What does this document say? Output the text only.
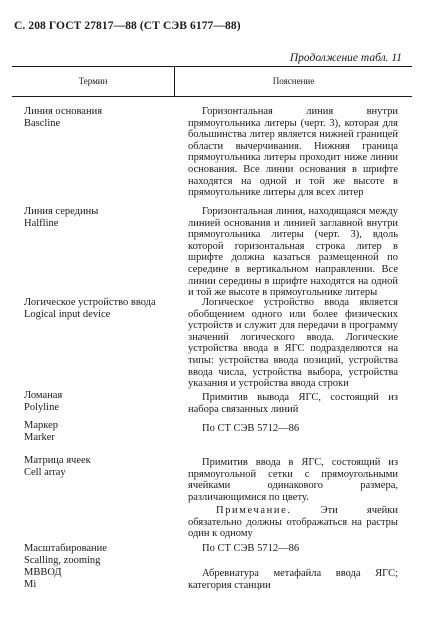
С. 208 ГОСТ 27817—88 (СТ СЭВ 6177—88)
Продолжение табл. 11
Термин	Пояснение
Линия основания
Basсline

Горизонтальная линия внутри прямоугольника литеры (черт. 3), которая для большинства литер является нижней границей области вычерчивания. Нижняя граница прямоугольника литеры проходит ниже линии основания. Все линии основания в шрифте находятся на одной и той же высоте в прямоугольнике литеры для всех литер

Линия середины
Halfline

Горизонтальная линия, находящаяся между линией основания и линией заглавной внутри прямоугольника литеры (черт. 3), вдоль которой горизонтальная строка литер в шрифте должна казаться размещенной по середине в вертикальном направлении. Все линии середины в шрифте находятся на одной и той же высоте в прямоугольнике литеры

Логическое устройство ввода
Logical input device

Логическое устройство ввода является обобщением одного или более физических устройств и служит для передачи в программу значений логического ввода. Логические устройства ввода в ЯГС подразделяются на типы: устройства ввода позиций, устройства ввода числа, устройства выбора, устройства указания и устройства ввода строки

Ломаная
Polyline

Примитив вывода ЯГС, состоящий из набора связанных линий

Маркер
Marker

По СТ СЭВ 5712—86

Матрица ячеек
Cell array

Примитив ввода в ЯГС, состоящий из прямоугольной сетки с прямоугольными ячейками одинакового размера, различающимися по цвету.

Примечание.	Эти ячейки обязательно должны отображаться на растры один к одному

Масштабирование
Scalling, zooming

По СТ СЭВ 5712—86

МВВОД
Mi

Абревиатура метафайла ввода ЯГС; категория станции
